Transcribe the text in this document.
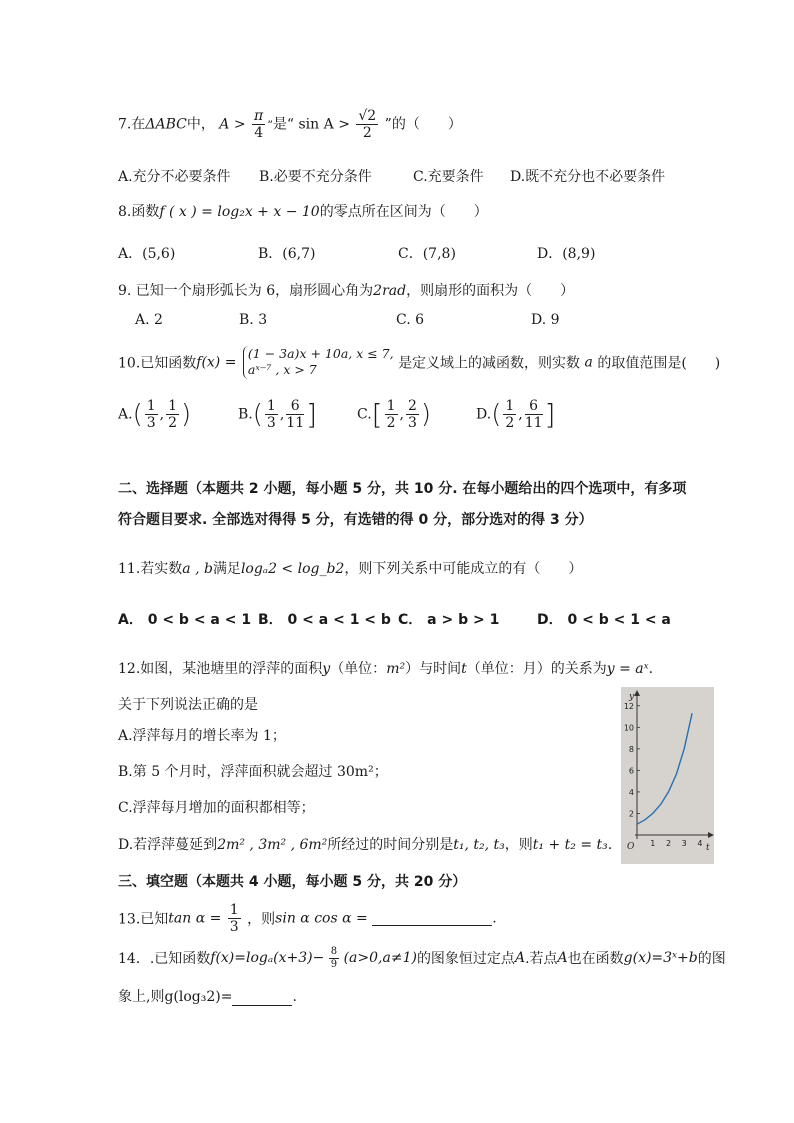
7.在ΔABC中， $A > \frac{\pi}{4}$ ”是“ $\sin A > \frac{√2}{2}$ ”的（　　）
A.充分不必要条件 B.必要不充分条件	C.充要条件 D.既不充分也不必要条件
8.函数f ( x ) = log₂x + x − 10的零点所在区间为（　　）
A．(5,6)	B．(6,7)	C．(7,8)	D．(8,9)
9. 已知一个扇形弧长为 6，扇形圆心角为2rad，则扇形的面积为（　　）
A. 2	B. 3	C. 6	D. 9
10.已知函数f(x) =
(1 − 3a)x + 10a, x ≤ 7,
aˣ⁻⁷ , x > 7	是定义域上的减函数，则实数 a 的取值范围是(　　)
$A.( \frac{1}{3}$ , $\frac{1}{2}$ )	$B.( \frac{1}{3}$ , $\frac{6}{11}$ ]	$C.[ \frac{1}{2}$ , $\frac{2}{3}$ )	$D.( \frac{1}{2}$ , $\frac{6}{11}$ ]
二、选择题（本题共 2 小题，每小题 5 分，共 10 分. 在每小题给出的四个选项中，有多项
符合题目要求. 全部选对得得 5 分，有选错的得 0 分，部分选对的得 3 分）
11.若实数a , b满足logₐ2 < log_b2，则下列关系中可能成立的有（　　）
A． 0 < b < a < 1 B． 0 < a < 1 < b C． a > b > 1	D． 0 < b < 1 < a
12.如图，某池塘里的浮萍的面积y（单位：m²）与时间t（单位：月）的关系为y = aˣ.
关于下列说法正确的是
A.浮萍每月的增长率为 1；
B.第 5 个月时，浮萍面积就会超过 30m²；
C.浮萍每月增加的面积都相等；
D.若浮萍蔓延到2m² , 3m² , 6m²所经过的时间分别是t₁, t₂, t₃，则t₁ + t₂ = t₃.
2
4
6
8
10
12
1 2 3 4
y
t
O
三、填空题（本题共 4 小题，每小题 5 分，共 20 分）
13.已知$\tan \alpha = \frac{1}{3}$ ，则sin α cos α =	.
14．.已知函数$f(x)=\log_a(x+3)- \frac{8}{9} (a>0,a\ne 1)$的图象恒过定点A.若点A也在函数g(x)=3ˣ+b的图
象上,则g(log₃2)=	.
